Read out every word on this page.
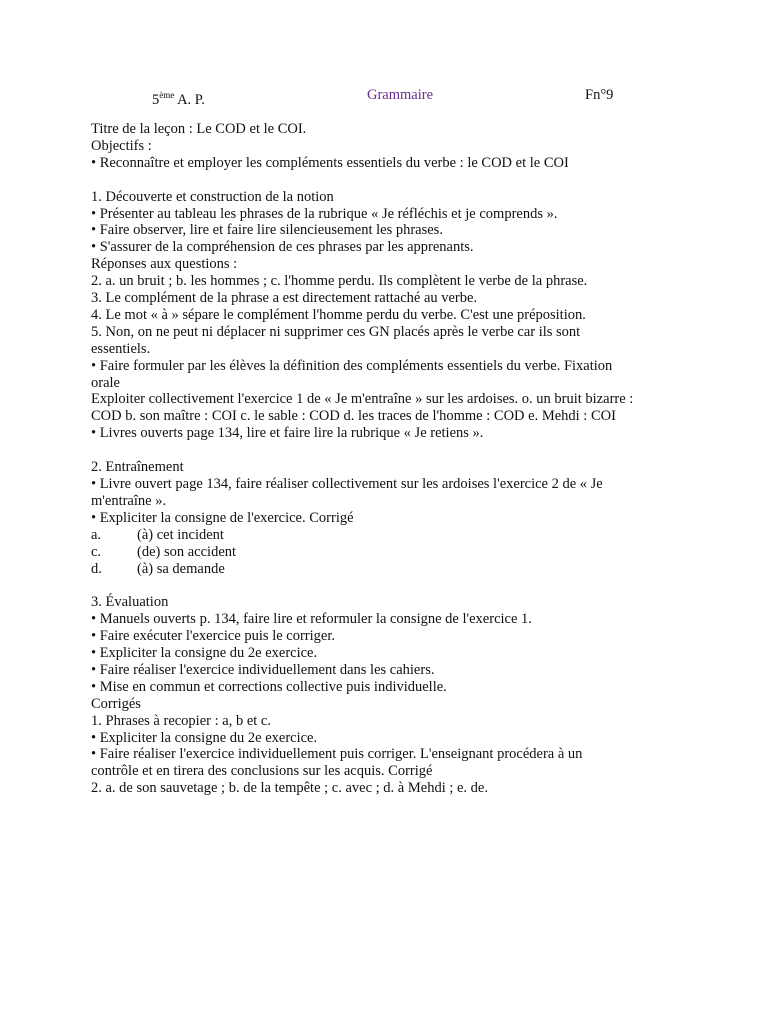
5ème A. P.	Grammaire	Fn°9
Titre de la leçon : Le COD et le COI.
Objectifs :
• Reconnaître et employer les compléments essentiels du verbe : le COD et le COI
1. Découverte et construction de la notion
• Présenter au tableau les phrases de la rubrique « Je réfléchis et je comprends ».
• Faire observer, lire et faire lire silencieusement les phrases.
• S'assurer de la compréhension de ces phrases par les apprenants.
Réponses aux questions :
2. a. un bruit ; b. les hommes ; c. l'homme perdu. Ils complètent le verbe de la phrase.
3. Le complément de la phrase a est directement rattaché au verbe.
4. Le mot « à » sépare le complément l'homme perdu du verbe. C'est une préposition.
5. Non, on ne peut ni déplacer ni supprimer ces GN placés après le verbe car ils sont
essentiels.
• Faire formuler par les élèves la définition des compléments essentiels du verbe. Fixation
orale
Exploiter collectivement l'exercice 1 de « Je m'entraîne » sur les ardoises. o. un bruit bizarre :
COD b. son maître : COI c. le sable : COD d. les traces de l'homme : COD e. Mehdi : COI
• Livres ouverts page 134, lire et faire lire la rubrique « Je retiens ».
2. Entraînement
• Livre ouvert page 134, faire réaliser collectivement sur les ardoises l'exercice 2 de « Je
m'entraîne ».
• Expliciter la consigne de l'exercice. Corrigé
a. (à) cet incident
c. (de) son accident
d. (à) sa demande
3. Évaluation
• Manuels ouverts p. 134, faire lire et reformuler la consigne de l'exercice 1.
• Faire exécuter l'exercice puis le corriger.
• Expliciter la consigne du 2e exercice.
• Faire réaliser l'exercice individuellement dans les cahiers.
• Mise en commun et corrections collective puis individuelle.
Corrigés
1. Phrases à recopier : a, b et c.
• Expliciter la consigne du 2e exercice.
• Faire réaliser l'exercice individuellement puis corriger. L'enseignant procédera à un
contrôle et en tirera des conclusions sur les acquis. Corrigé
2. a. de son sauvetage ; b. de la tempête ; c. avec ; d. à Mehdi ; e. de.
